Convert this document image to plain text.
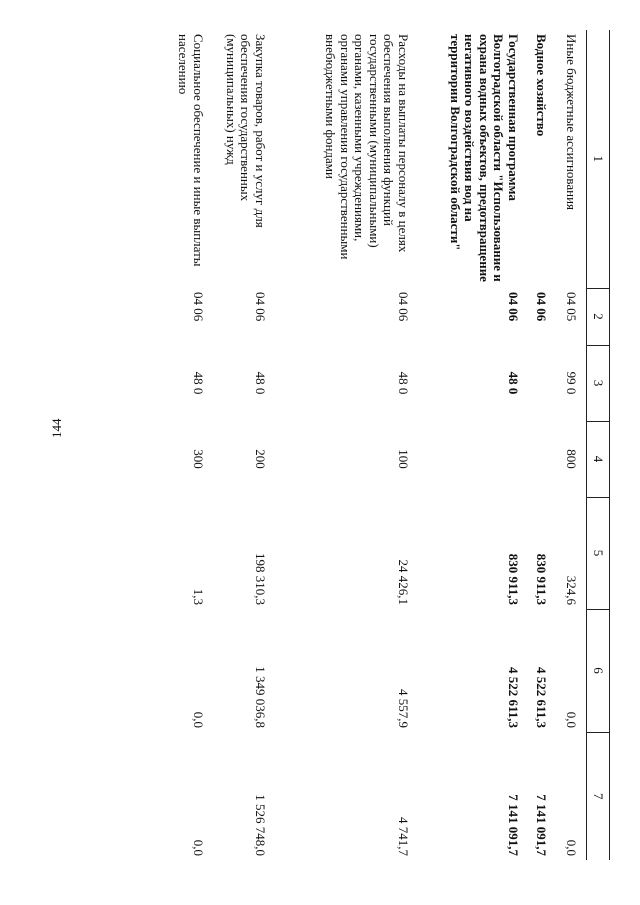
144
1	2	3	4	5	6	7
Иные бюджетные ассигнования	04 05	99 0	800	324,6	0,0	0,0
Водное хозяйство	04 06			830 911,3	4 522 611,3	7 141 091,7
Государственная программа Волгоградской области "Использование и охрана водных объектов, предотвращение негативного воздействия вод на территории Волгоградской области"	04 06	48 0		830 911,3	4 522 611,3	7 141 091,7
Расходы на выплаты персоналу в целях обеспечения выполнения функций государственными (муниципальными) органами, казенными учреждениями, органами управления государственными внебюджетными фондами	04 06	48 0	100	24 426,1	4 557,9	4 741,7
Закупка товаров, работ и услуг для обеспечения государственных (муниципальных) нужд	04 06	48 0	200	198 310,3	1 349 036,8	1 526 748,0
Социальное обеспечение и иные выплаты населению	04 06	48 0	300	1,3	0,0	0,0
